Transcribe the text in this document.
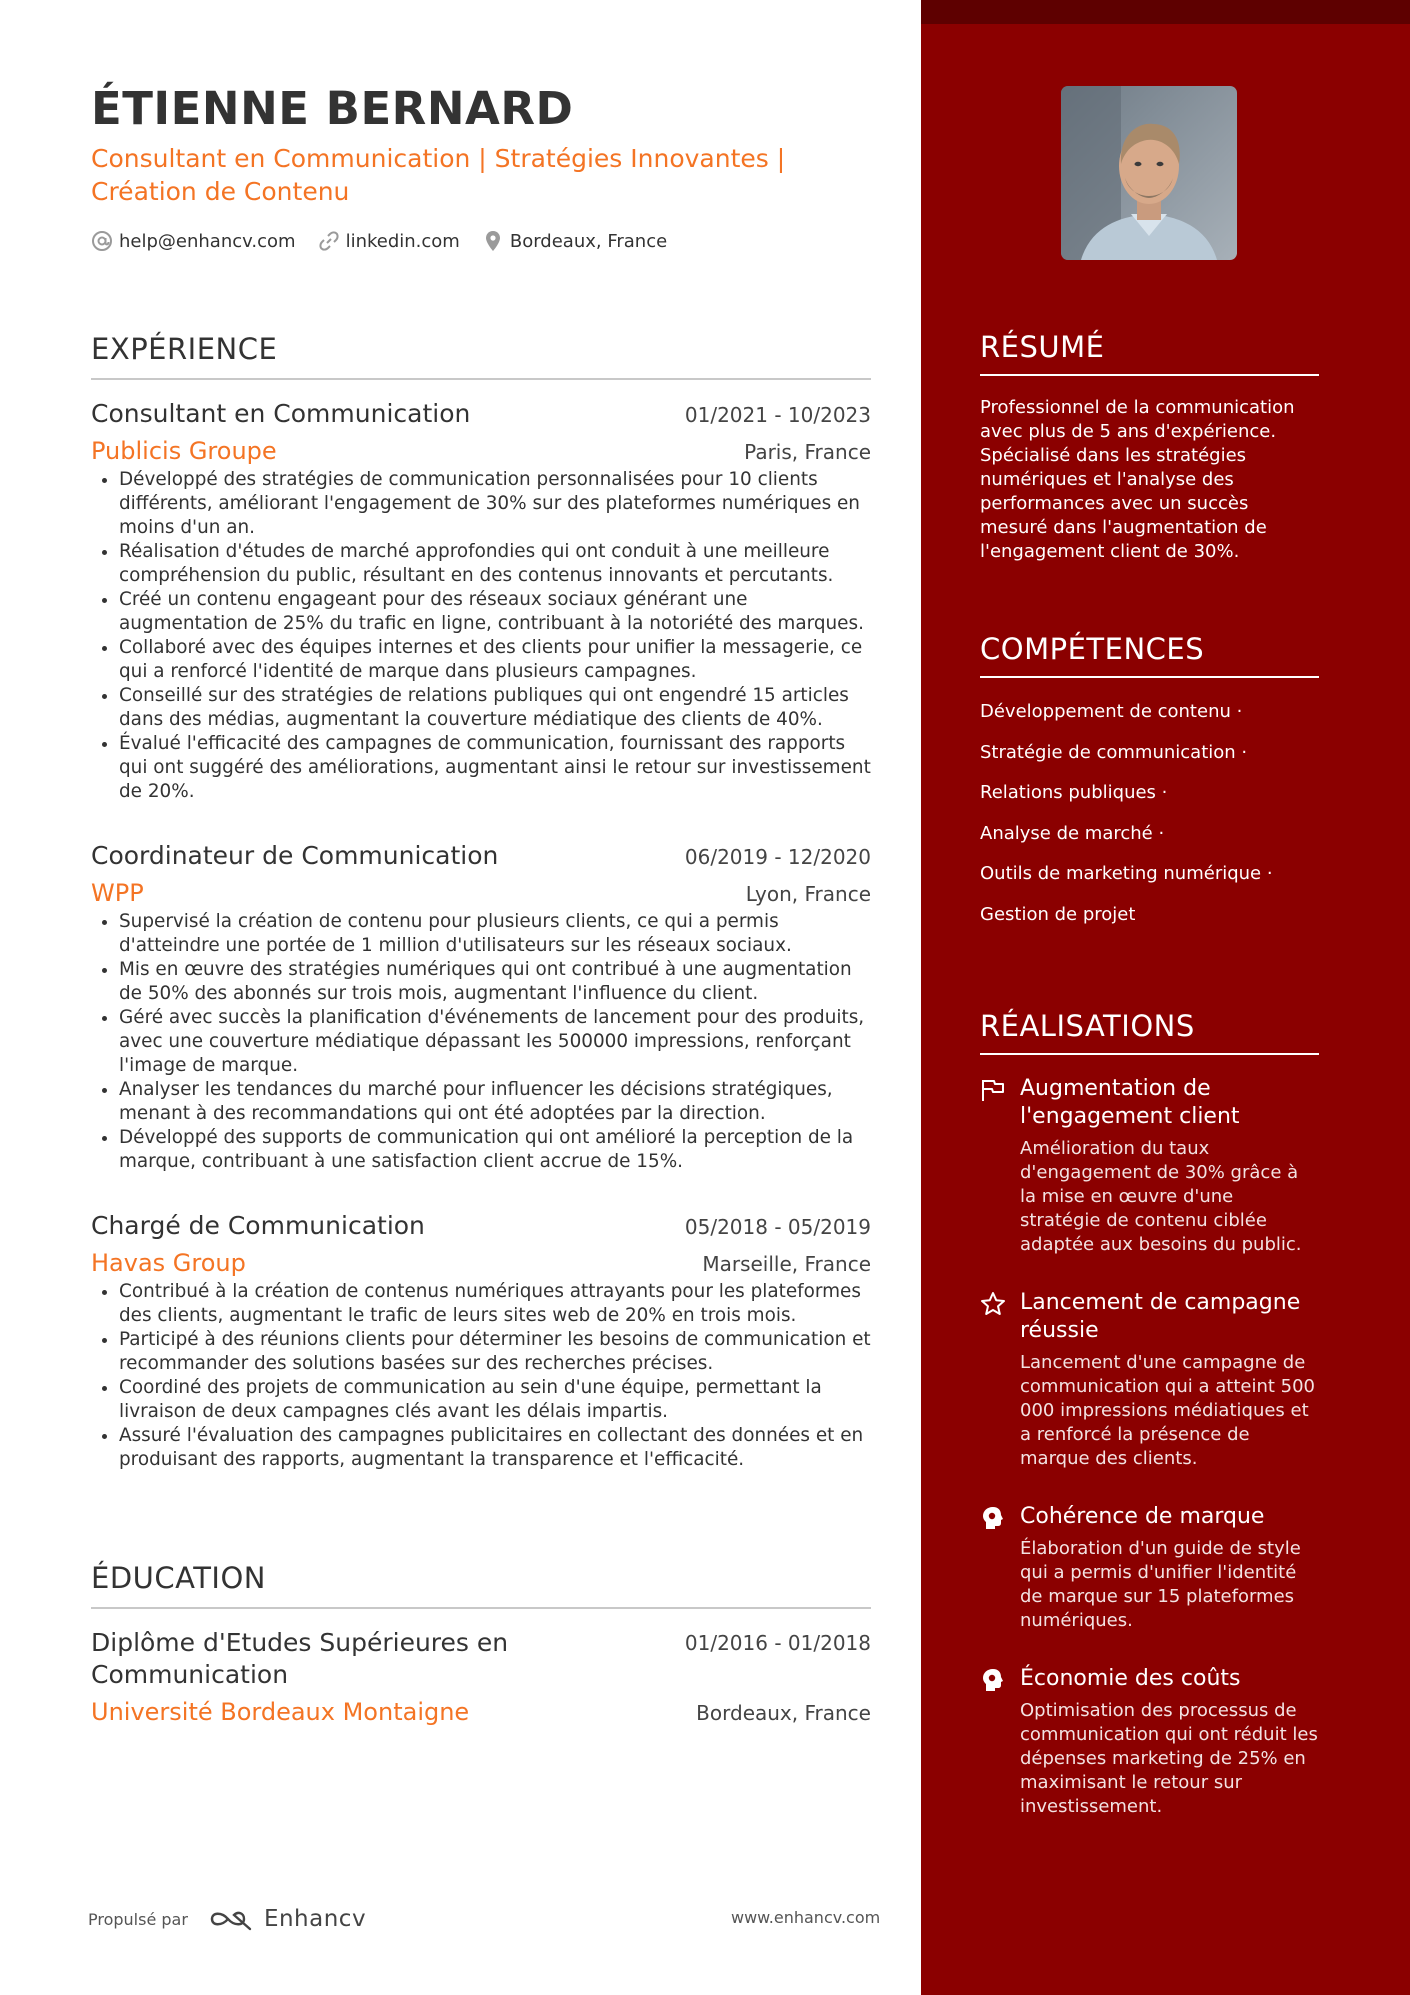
RÉSUMÉ
Professionnel de la communication avec plus de 5 ans d'expérience. Spécialisé dans les stratégies numériques et l'analyse des performances avec un succès mesuré dans l'augmentation de l'engagement client de 30%.
COMPÉTENCES
Développement de contenu ·
Stratégie de communication ·
Relations publiques ·
Analyse de marché ·
Outils de marketing numérique ·
Gestion de projet
RÉALISATIONS
Augmentation de l'engagement client
Amélioration du taux d'engagement de 30% grâce à la mise en œuvre d'une stratégie de contenu ciblée adaptée aux besoins du public.
Lancement de campagne réussie
Lancement d'une campagne de communication qui a atteint 500 000 impressions médiatiques et a renforcé la présence de marque des clients.
Cohérence de marque
Élaboration d'un guide de style qui a permis d'unifier l'identité de marque sur 15 plateformes numériques.
Économie des coûts
Optimisation des processus de communication qui ont réduit les dépenses marketing de 25% en maximisant le retour sur investissement.
ÉTIENNE BERNARD
Consultant en Communication | Stratégies Innovantes | Création de Contenu
help@enhancv.com	linkedin.com	Bordeaux, France
EXPÉRIENCE
Consultant en Communication	01/2021 - 10/2023
Publicis Groupe	Paris, France
• Développé des stratégies de communication personnalisées pour 10 clients différents, améliorant l'engagement de 30% sur des plateformes numériques en moins d'un an.
• Réalisation d'études de marché approfondies qui ont conduit à une meilleure compréhension du public, résultant en des contenus innovants et percutants.
• Créé un contenu engageant pour des réseaux sociaux générant une augmentation de 25% du trafic en ligne, contribuant à la notoriété des marques.
• Collaboré avec des équipes internes et des clients pour unifier la messagerie, ce qui a renforcé l'identité de marque dans plusieurs campagnes.
• Conseillé sur des stratégies de relations publiques qui ont engendré 15 articles dans des médias, augmentant la couverture médiatique des clients de 40%.
• Évalué l'efficacité des campagnes de communication, fournissant des rapports qui ont suggéré des améliorations, augmentant ainsi le retour sur investissement de 20%.
Coordinateur de Communication	06/2019 - 12/2020
WPP	Lyon, France
• Supervisé la création de contenu pour plusieurs clients, ce qui a permis d'atteindre une portée de 1 million d'utilisateurs sur les réseaux sociaux.
• Mis en œuvre des stratégies numériques qui ont contribué à une augmentation de 50% des abonnés sur trois mois, augmentant l'influence du client.
• Géré avec succès la planification d'événements de lancement pour des produits, avec une couverture médiatique dépassant les 500000 impressions, renforçant l'image de marque.
• Analyser les tendances du marché pour influencer les décisions stratégiques, menant à des recommandations qui ont été adoptées par la direction.
• Développé des supports de communication qui ont amélioré la perception de la marque, contribuant à une satisfaction client accrue de 15%.
Chargé de Communication	05/2018 - 05/2019
Havas Group	Marseille, France
• Contribué à la création de contenus numériques attrayants pour les plateformes des clients, augmentant le trafic de leurs sites web de 20% en trois mois.
• Participé à des réunions clients pour déterminer les besoins de communication et recommander des solutions basées sur des recherches précises.
• Coordiné des projets de communication au sein d'une équipe, permettant la livraison de deux campagnes clés avant les délais impartis.
• Assuré l'évaluation des campagnes publicitaires en collectant des données et en produisant des rapports, augmentant la transparence et l'efficacité.
ÉDUCATION
Diplôme d'Etudes Supérieures en Communication
01/2016 - 01/2018
Université Bordeaux Montaigne	Bordeaux, France
Propulsé par	Enhancv	www.enhancv.com
